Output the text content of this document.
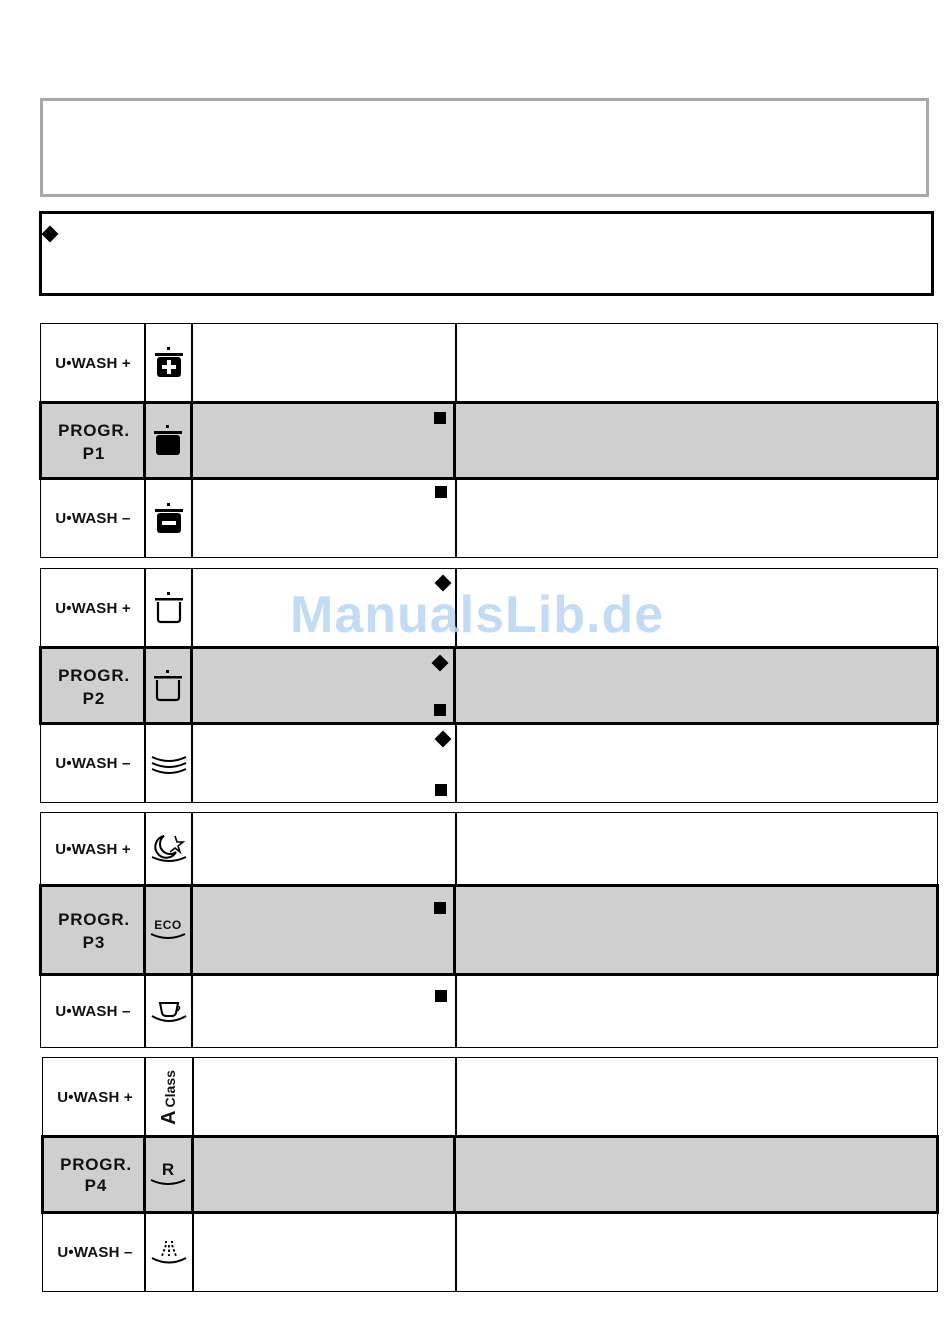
U•WASH +
PROGR.
P1
U•WASH –
U•WASH +
PROGR.
P2
U•WASH –
U•WASH +
PROGR.
P3
ECO
U•WASH –
U•WASH +
A
Class
PROGR.
P4
R
U•WASH –
ManualsLib.de
